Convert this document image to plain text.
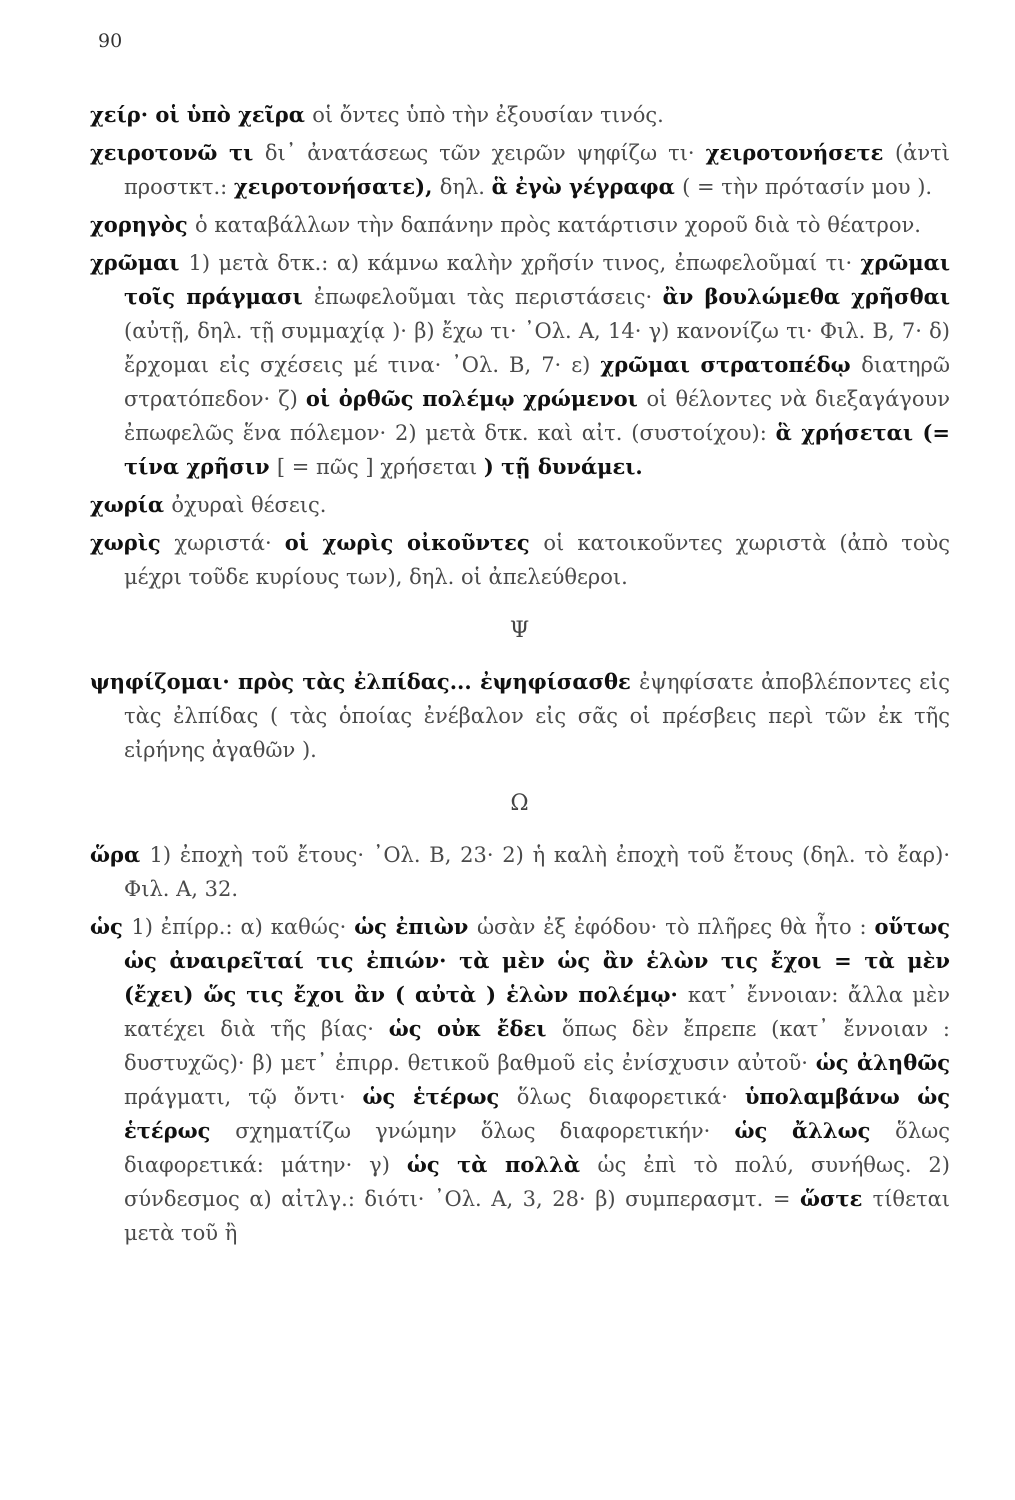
90

χείρ· οἱ ὑπὸ χεῖρα οἱ ὄντες ὑπὸ τὴν ἐξουσίαν τινός.

χειροτονῶ τι δι᾿ ἀνατάσεως τῶν χειρῶν ψηφίζω τι· χειροτονήσετε (ἀντὶ προστκτ.: χειροτονήσατε), δηλ. ἃ ἐγὼ γέγραφα ( = τὴν πρότασίν μου ).

χορηγὸς ὁ καταβάλλων τὴν δαπάνην πρὸς κατάρτισιν χοροῦ διὰ τὸ θέατρον.

χρῶμαι 1) μετὰ δτκ.: α) κάμνω καλὴν χρῆσίν τινος, ἐπωφελοῦμαί τι· χρῶμαι τοῖς πράγμασι ἐπωφελοῦμαι τὰς περιστάσεις· ἂν βουλώμεθα χρῆσθαι (αὐτῇ, δηλ. τῇ συμμαχίᾳ )· β) ἔχω τι· ᾿Ολ. Α, 14· γ) κανονίζω τι· Φιλ. Β, 7· δ) ἔρχομαι εἰς σχέσεις μέ τινα· ᾿Ολ. Β, 7· ε) χρῶμαι στρατοπέδῳ διατηρῶ στρατόπεδον· ζ) οἱ ὀρθῶς πολέμῳ χρώμενοι οἱ θέλοντες νὰ διεξαγάγουν ἐπωφελῶς ἕνα πόλεμον· 2) μετὰ δτκ. καὶ αἰτ. (συστοίχου): ἃ χρήσεται (= τίνα χρῆσιν [ = πῶς ] χρήσεται ) τῇ δυνάμει.

χωρία ὀχυραὶ θέσεις.

χωρὶς χωριστά· οἱ χωρὶς οἰκοῦντες οἱ κατοικοῦντες χωριστὰ (ἀπὸ τοὺς μέχρι τοῦδε κυρίους των), δηλ. οἱ ἀπελεύθεροι.

Ψ

ψηφίζομαι· πρὸς τὰς ἐλπίδας... ἐψηφίσασθε ἐψηφίσατε ἀποβλέποντες εἰς τὰς ἐλπίδας ( τὰς ὁποίας ἐνέβαλον εἰς σᾶς οἱ πρέσβεις περὶ τῶν ἐκ τῆς εἰρήνης ἀγαθῶν ).

Ω

ὥρα 1) ἐποχὴ τοῦ ἔτους· ᾿Ολ. Β, 23· 2) ἡ καλὴ ἐποχὴ τοῦ ἔτους (δηλ. τὸ ἔαρ)· Φιλ. Α, 32.

ὡς 1) ἐπίρρ.: α) καθώς· ὡς ἐπιὼν ὡσὰν ἐξ ἐφόδου· τὸ πλῆρες θὰ ἦτο : οὕτως ὡς ἀναιρεῖταί τις ἐπιών· τὰ μὲν ὡς ἂν ἑλὼν τις ἔχοι = τὰ μὲν (ἔχει) ὥς τις ἔχοι ἂν ( αὐτὰ ) ἑλὼν πολέμῳ· κατ᾿ ἔννοιαν: ἄλλα μὲν κατέχει διὰ τῆς βίας· ὡς οὐκ ἔδει ὅπως δὲν ἔπρεπε (κατ᾿ ἔννοιαν : δυστυχῶς)· β) μετ᾿ ἐπιρρ. θετικοῦ βαθμοῦ εἰς ἐνίσχυσιν αὐτοῦ· ὡς ἀληθῶς πράγματι, τῷ ὄντι· ὡς ἑτέρως ὅλως διαφορετικά· ὑπολαμβάνω ὡς ἑτέρως σχηματίζω γνώμην ὅλως διαφορετικήν· ὡς ἄλλως ὅλως διαφορετικά: μάτην· γ) ὡς τὰ πολλὰ ὡς ἐπὶ τὸ πολύ, συνήθως. 2) σύνδεσμος α) αἰτλγ.: διότι· ᾿Ολ. Α, 3, 28· β) συμπερασμτ. = ὥστε τίθεται μετὰ τοῦ ἢ
